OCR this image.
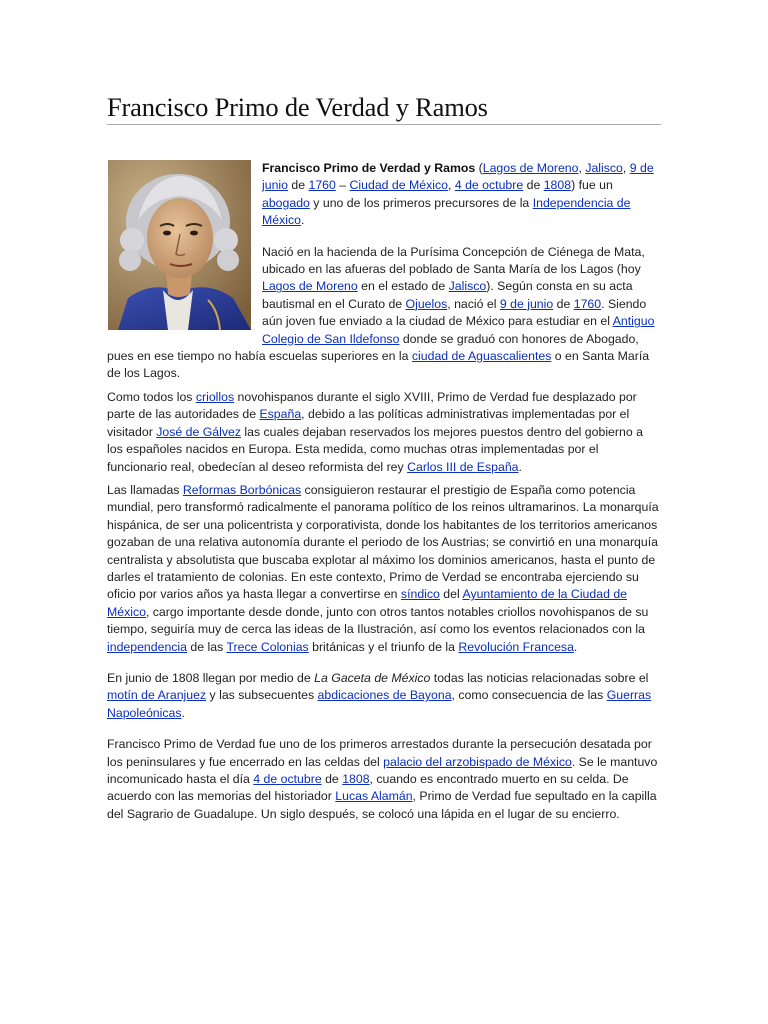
Francisco Primo de Verdad y Ramos

Francisco Primo de Verdad y Ramos (Lagos de Moreno, Jalisco, 9 de junio de 1760 – Ciudad de México, 4 de octubre de 1808) fue un abogado y uno de los primeros precursores de la Independencia de México.

Nació en la hacienda de la Purísima Concepción de Ciénega de Mata, ubicado en las afueras del poblado de Santa María de los Lagos (hoy Lagos de Moreno en el estado de Jalisco). Según consta en su acta bautismal en el Curato de Ojuelos, nació el 9 de junio de 1760. Siendo aún joven fue enviado a la ciudad de México para estudiar en el Antiguo Colegio de San Ildefonso donde se graduó con honores de Abogado, pues en ese tiempo no había escuelas superiores en la ciudad de Aguascalientes o en Santa María de los Lagos.

Como todos los criollos novohispanos durante el siglo XVIII, Primo de Verdad fue desplazado por parte de las autoridades de España, debido a las políticas administrativas implementadas por el visitador José de Gálvez las cuales dejaban reservados los mejores puestos dentro del gobierno a los españoles nacidos en Europa. Esta medida, como muchas otras implementadas por el funcionario real, obedecían al deseo reformista del rey Carlos III de España.

Las llamadas Reformas Borbónicas consiguieron restaurar el prestigio de España como potencia mundial, pero transformó radicalmente el panorama político de los reinos ultramarinos. La monarquía hispánica, de ser una policentrista y corporativista, donde los habitantes de los territorios americanos gozaban de una relativa autonomía durante el periodo de los Austrias; se convirtió en una monarquía centralista y absolutista que buscaba explotar al máximo los dominios americanos, hasta el punto de darles el tratamiento de colonias. En este contexto, Primo de Verdad se encontraba ejerciendo su oficio por varios años ya hasta llegar a convertirse en síndico del Ayuntamiento de la Ciudad de México, cargo importante desde donde, junto con otros tantos notables criollos novohispanos de su tiempo, seguiría muy de cerca las ideas de la Ilustración, así como los eventos relacionados con la independencia de las Trece Colonias británicas y el triunfo de la Revolución Francesa.

En junio de 1808 llegan por medio de La Gaceta de México todas las noticias relacionadas sobre el motín de Aranjuez y las subsecuentes abdicaciones de Bayona, como consecuencia de las Guerras Napoleónicas.

Francisco Primo de Verdad fue uno de los primeros arrestados durante la persecución desatada por los peninsulares y fue encerrado en las celdas del palacio del arzobispado de México. Se le mantuvo incomunicado hasta el día 4 de octubre de 1808, cuando es encontrado muerto en su celda. De acuerdo con las memorias del historiador Lucas Alamán, Primo de Verdad fue sepultado en la capilla del Sagrario de Guadalupe. Un siglo después, se colocó una lápida en el lugar de su encierro.
